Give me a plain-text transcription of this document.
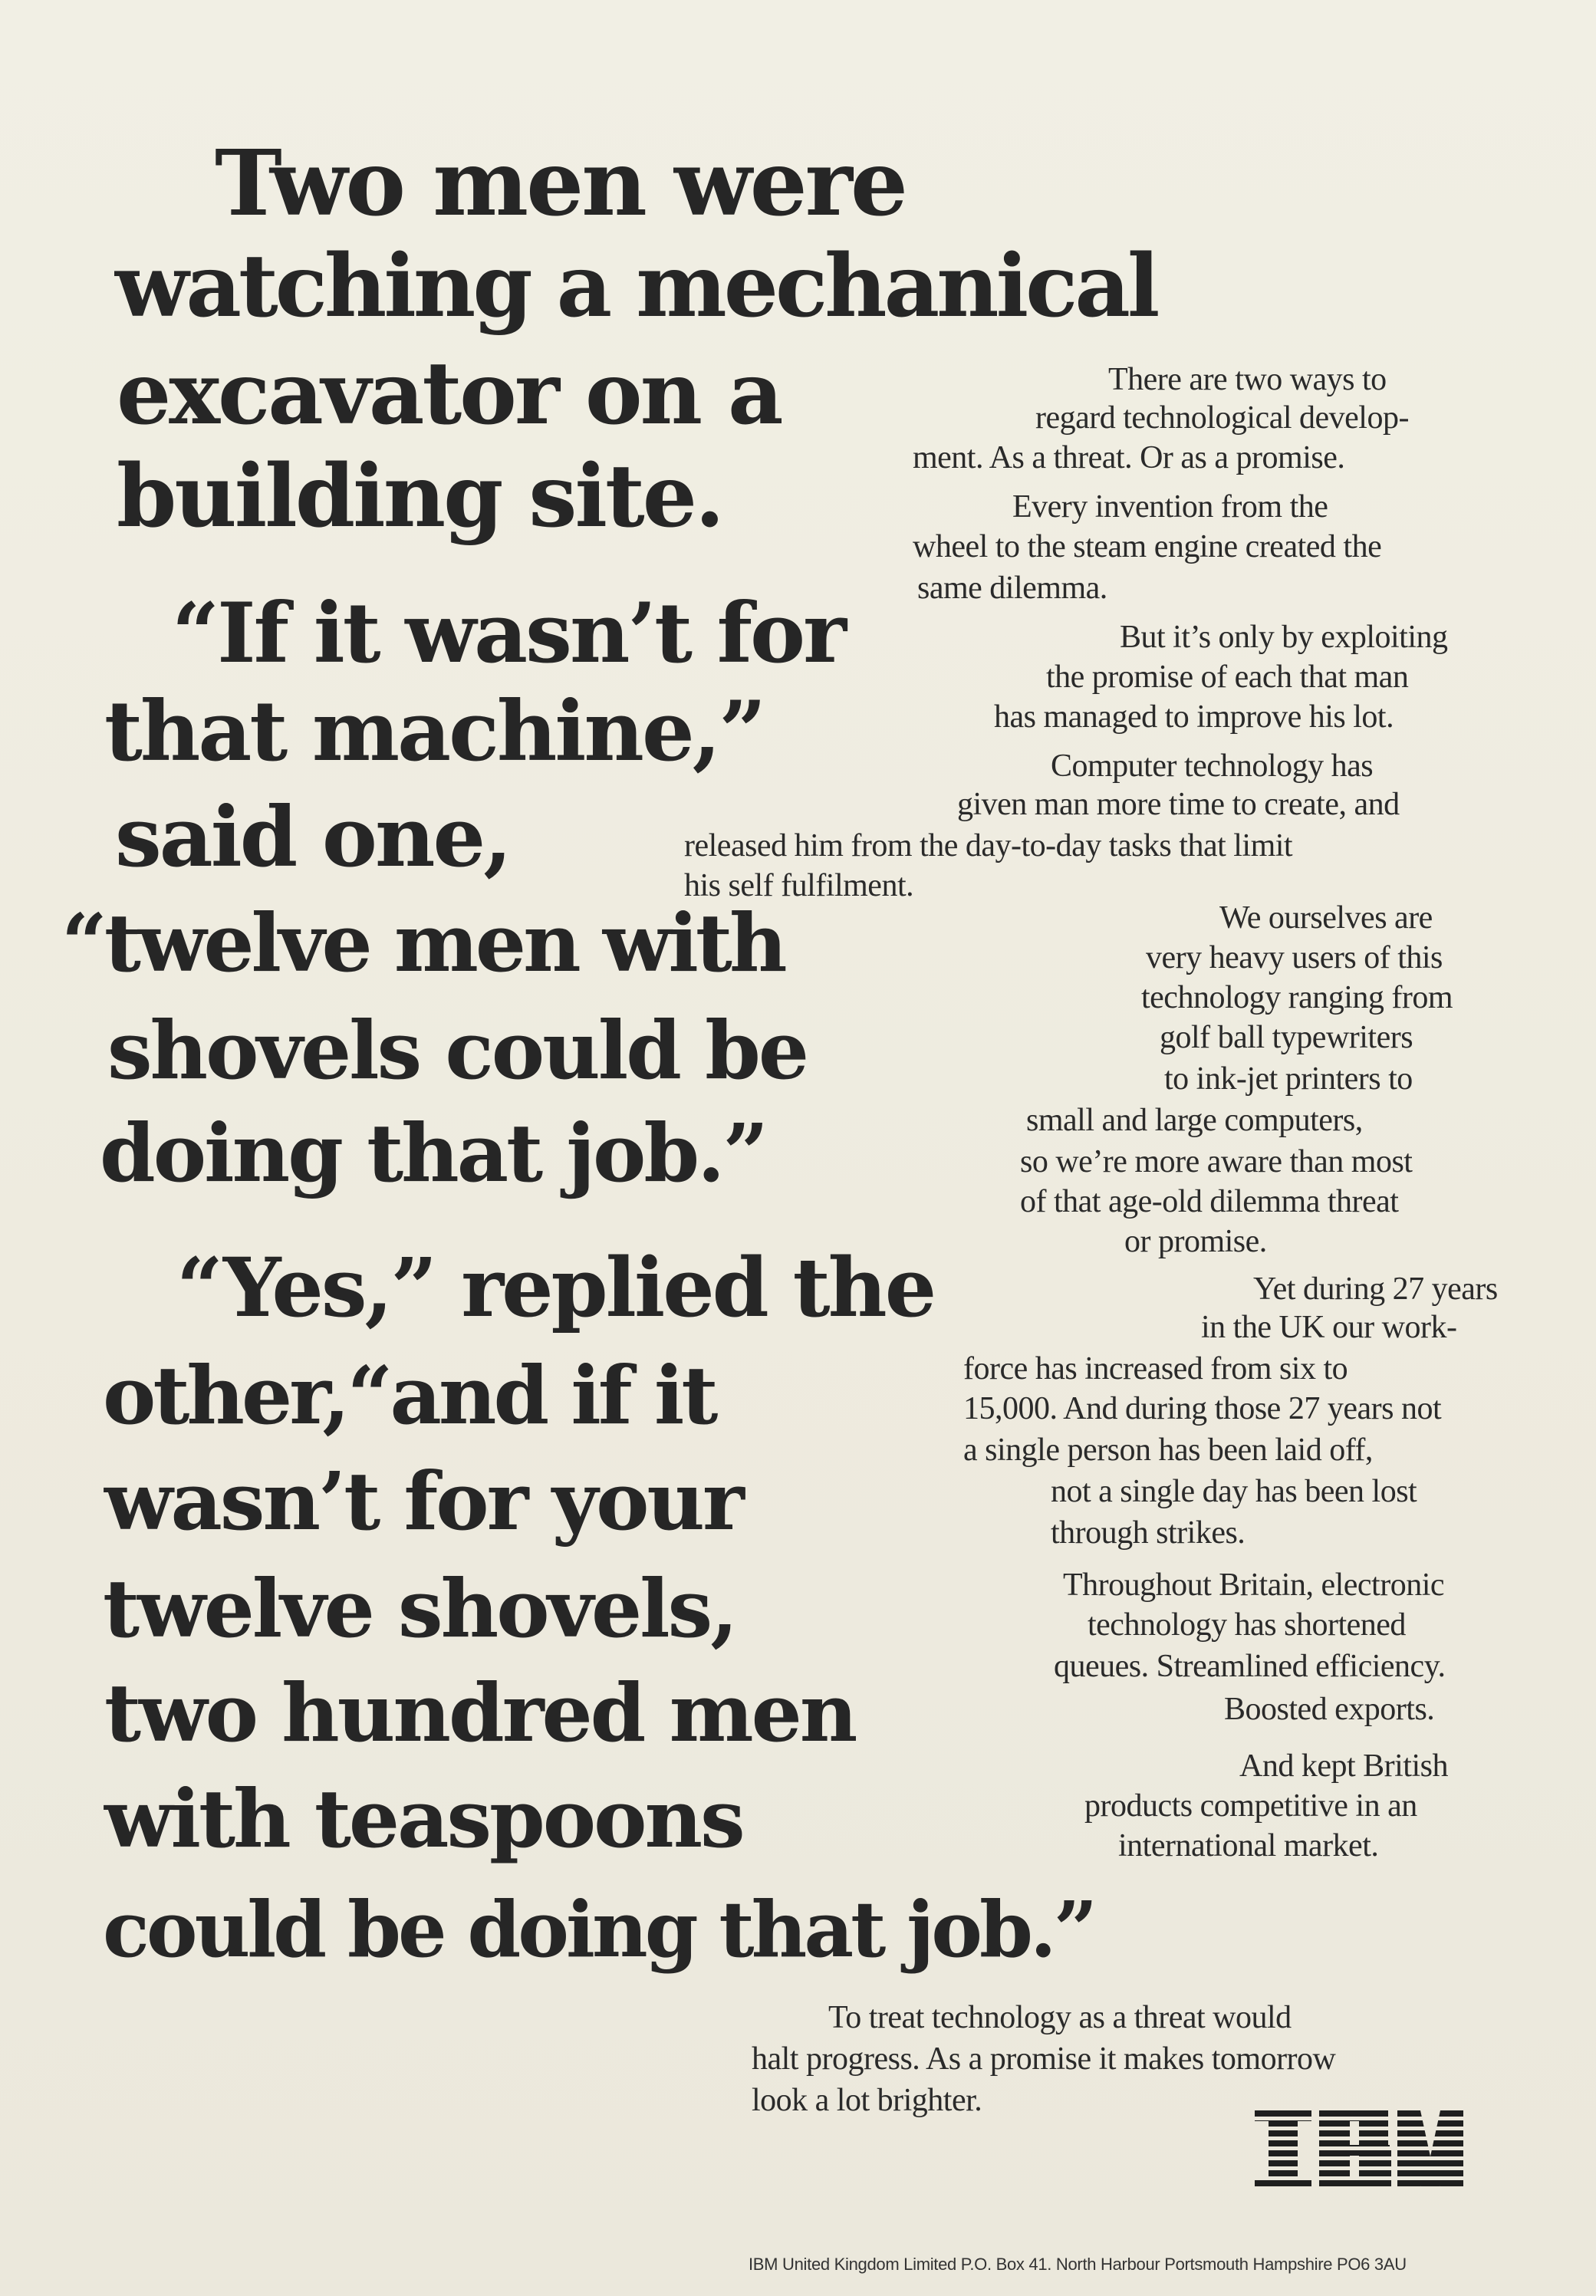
Two men were
watching a mechanical
excavator on a
building site.
“If it wasn’t for
that machine,”
said one,
“twelve men with
shovels could be
doing that job.”
“Yes,” replied the
other,“and if it
wasn’t for your
twelve shovels,
two hundred men
with teaspoons
could be doing that job.”
There are two ways to
regard technological develop-
ment. As a threat. Or as a promise.
Every invention from the
wheel to the steam engine created the
same dilemma.
But it’s only by exploiting
the promise of each that man
has managed to improve his lot.
Computer technology has
given man more time to create, and
released him from the day-to-day tasks that limit
his self fulfilment.
We ourselves are
very heavy users of this
technology ranging from
golf ball typewriters
to ink-jet printers to
small and large computers,
so we’re more aware than most
of that age-old dilemma threat
or promise.
Yet during 27 years
in the UK our work-
force has increased from six to
15,000. And during those 27 years not
a single person has been laid off,
not a single day has been lost
through strikes.
Throughout Britain, electronic
technology has shortened
queues. Streamlined efficiency.
Boosted exports.
And kept British
products competitive in an
international market.
To treat technology as a threat would
halt progress. As a promise it makes tomorrow
look a lot brighter.
IBM United Kingdom Limited P.O. Box 41. North Harbour Portsmouth Hampshire PO6 3AU
